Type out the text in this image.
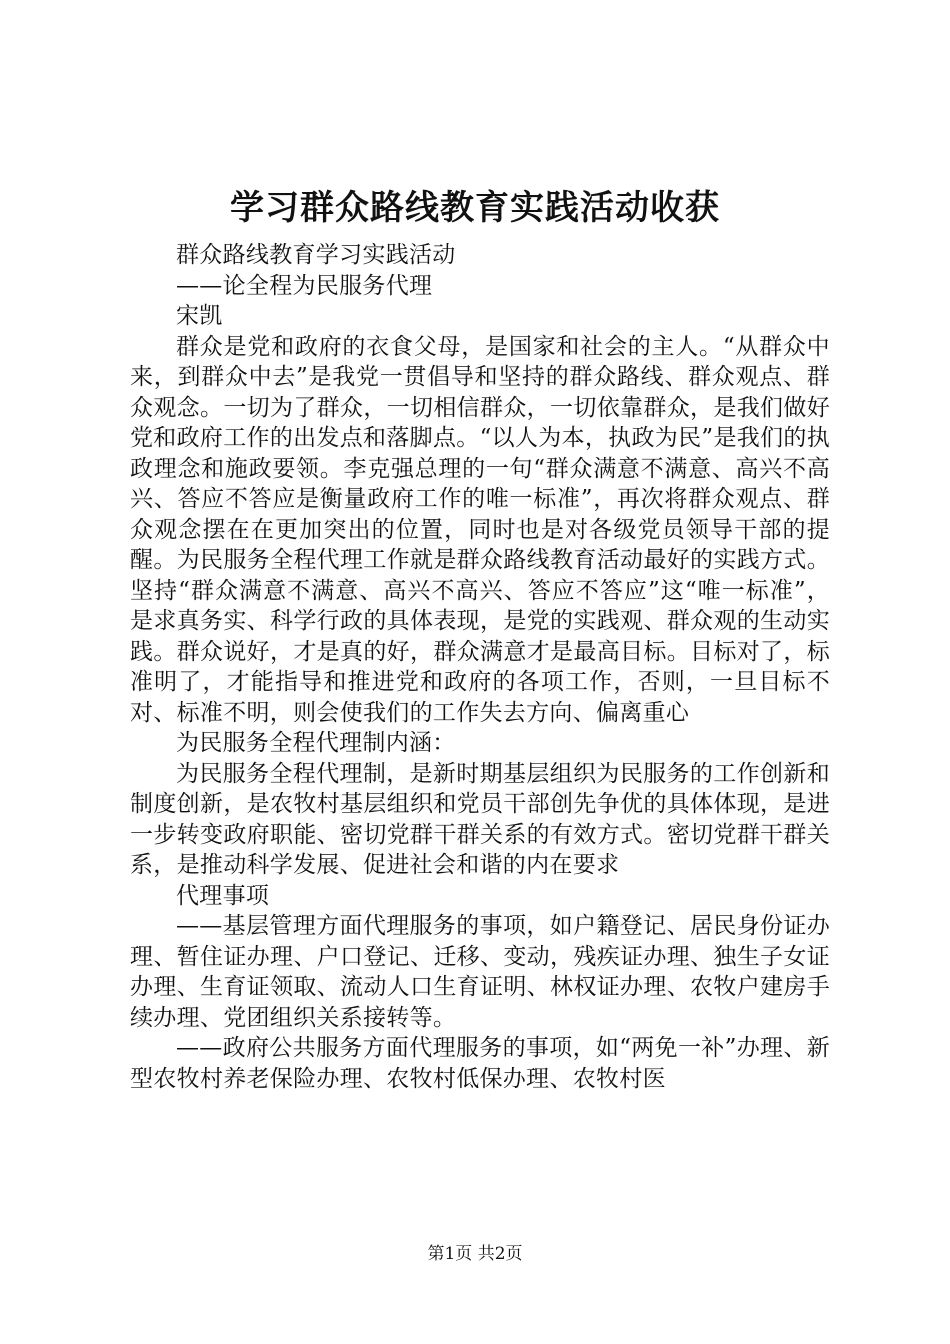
学习群众路线教育实践活动收获

群众路线教育学习实践活动

——论全程为民服务代理

宋凯

群众是党和政府的衣食父母，是国家和社会的主人。“从群众中来，到群众中去”是我党一贯倡导和坚持的群众路线、群众观点、群众观念。一切为了群众，一切相信群众，一切依靠群众，是我们做好党和政府工作的出发点和落脚点。“以人为本，执政为民”是我们的执政理念和施政要领。李克强总理的一句“群众满意不满意、高兴不高兴、答应不答应是衡量政府工作的唯一标准”，再次将群众观点、群众观念摆在在更加突出的位置，同时也是对各级党员领导干部的提醒。为民服务全程代理工作就是群众路线教育活动最好的实践方式。坚持“群众满意不满意、高兴不高兴、答应不答应”这“唯一标准”，是求真务实、科学行政的具体表现，是党的实践观、群众观的生动实践。群众说好，才是真的好，群众满意才是最高目标。目标对了，标准明了，才能指导和推进党和政府的各项工作，否则，一旦目标不对、标准不明，则会使我们的工作失去方向、偏离重心

为民服务全程代理制内涵：

为民服务全程代理制，是新时期基层组织为民服务的工作创新和制度创新，是农牧村基层组织和党员干部创先争优的具体体现，是进一步转变政府职能、密切党群干群关系的有效方式。密切党群干群关系，是推动科学发展、促进社会和谐的内在要求

代理事项

——基层管理方面代理服务的事项，如户籍登记、居民身份证办理、暂住证办理、户口登记、迁移、变动，残疾证办理、独生子女证办理、生育证领取、流动人口生育证明、林权证办理、农牧户建房手续办理、党团组织关系接转等。

——政府公共服务方面代理服务的事项，如“两免一补”办理、新型农牧村养老保险办理、农牧村低保办理、农牧村医

第1页 共2页
